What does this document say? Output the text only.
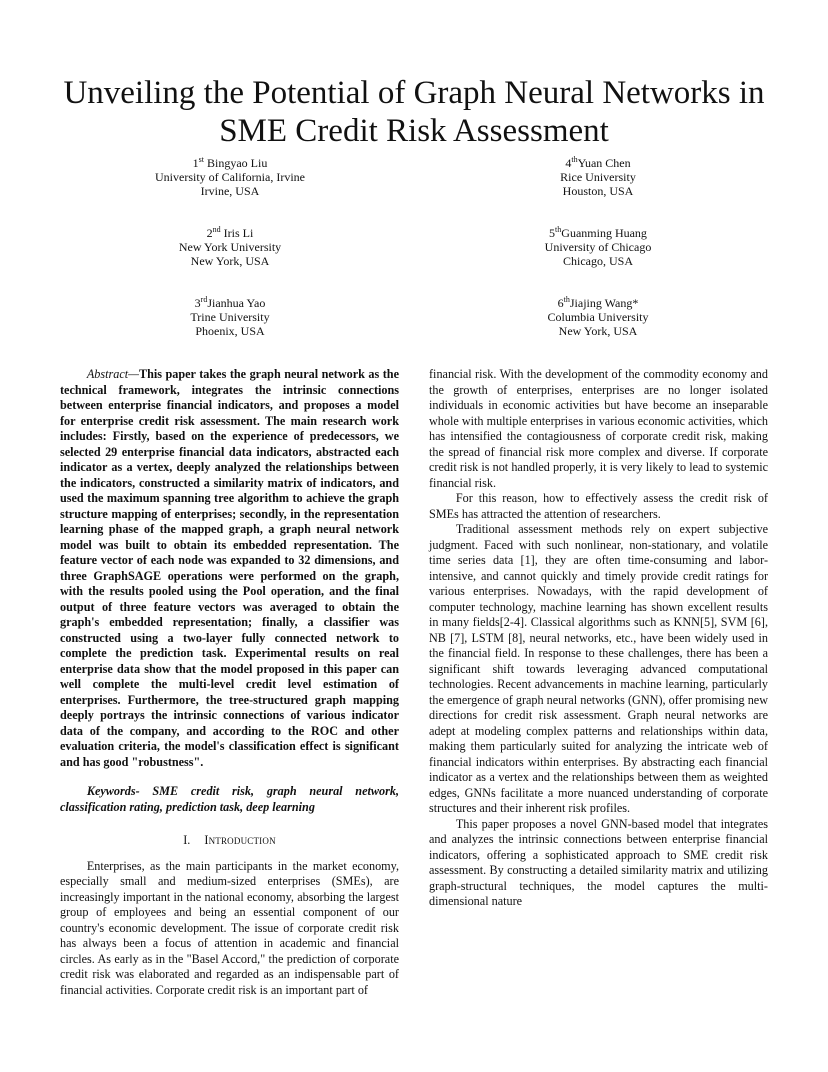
Unveiling the Potential of Graph Neural Networks in SME Credit Risk Assessment
1st Bingyao Liu
University of California, Irvine
Irvine, USA
2nd Iris Li
New York University
New York, USA
3rdJianhua Yao
Trine University
Phoenix, USA
4thYuan Chen
Rice University
Houston, USA
5thGuanming Huang
University of Chicago
Chicago, USA
6thJiajing Wang*
Columbia University
New York, USA

Abstract—This paper takes the graph neural network as the technical framework, integrates the intrinsic connections between enterprise financial indicators, and proposes a model for enterprise credit risk assessment. The main research work includes: Firstly, based on the experience of predecessors, we selected 29 enterprise financial data indicators, abstracted each indicator as a vertex, deeply analyzed the relationships between the indicators, constructed a similarity matrix of indicators, and used the maximum spanning tree algorithm to achieve the graph structure mapping of enterprises; secondly, in the representation learning phase of the mapped graph, a graph neural network model was built to obtain its embedded representation. The feature vector of each node was expanded to 32 dimensions, and three GraphSAGE operations were performed on the graph, with the results pooled using the Pool operation, and the final output of three feature vectors was averaged to obtain the graph's embedded representation; finally, a classifier was constructed using a two-layer fully connected network to complete the prediction task. Experimental results on real enterprise data show that the model proposed in this paper can well complete the multi-level credit level estimation of enterprises. Furthermore, the tree-structured graph mapping deeply portrays the intrinsic connections of various indicator data of the company, and according to the ROC and other evaluation criteria, the model's classification effect is significant and has good "robustness".

Keywords- SME credit risk, graph neural network, classification rating, prediction task, deep learning

I. Introduction

Enterprises, as the main participants in the market economy, especially small and medium-sized enterprises (SMEs), are increasingly important in the national economy, absorbing the largest group of employees and being an essential component of our country's economic development. The issue of corporate credit risk has always been a focus of attention in academic and financial circles. As early as in the "Basel Accord," the prediction of corporate credit risk was elaborated and regarded as an indispensable part of financial activities. Corporate credit risk is an important part of

financial risk. With the development of the commodity economy and the growth of enterprises, enterprises are no longer isolated individuals in economic activities but have become an inseparable whole with multiple enterprises in various economic activities, which has intensified the contagiousness of corporate credit risk, making the spread of financial risk more complex and diverse. If corporate credit risk is not handled properly, it is very likely to lead to systemic financial risk.

For this reason, how to effectively assess the credit risk of SMEs has attracted the attention of researchers.

Traditional assessment methods rely on expert subjective judgment. Faced with such nonlinear, non-stationary, and volatile time series data [1], they are often time-consuming and labor-intensive, and cannot quickly and timely provide credit ratings for various enterprises. Nowadays, with the rapid development of computer technology, machine learning has shown excellent results in many fields[2-4]. Classical algorithms such as KNN[5], SVM [6], NB [7], LSTM [8], neural networks, etc., have been widely used in the financial field. In response to these challenges, there has been a significant shift towards leveraging advanced computational technologies. Recent advancements in machine learning, particularly the emergence of graph neural networks (GNN), offer promising new directions for credit risk assessment. Graph neural networks are adept at modeling complex patterns and relationships within data, making them particularly suited for analyzing the intricate web of financial indicators within enterprises. By abstracting each financial indicator as a vertex and the relationships between them as weighted edges, GNNs facilitate a more nuanced understanding of corporate structures and their inherent risk profiles.

This paper proposes a novel GNN-based model that integrates and analyzes the intrinsic connections between enterprise financial indicators, offering a sophisticated approach to SME credit risk assessment. By constructing a detailed similarity matrix and utilizing graph-structural techniques, the model captures the multi-dimensional nature
